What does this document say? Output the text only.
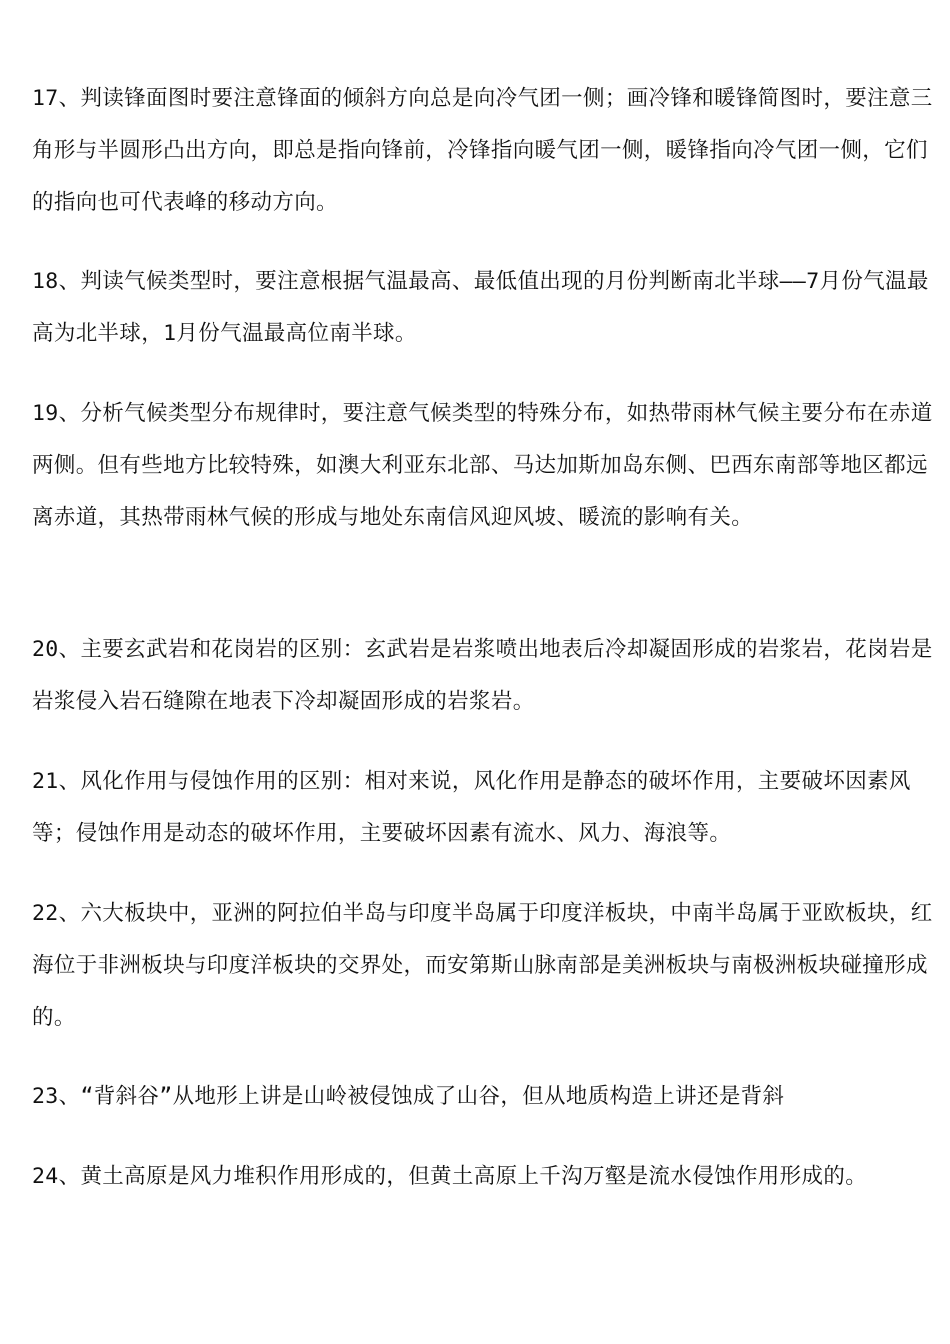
17、判读锋面图时要注意锋面的倾斜方向总是向冷气团一侧；画冷锋和暖锋简图时，要注意三角形与半圆形凸出方向，即总是指向锋前，冷锋指向暖气团一侧，暖锋指向冷气团一侧，它们的指向也可代表峰的移动方向。

18、判读气候类型时，要注意根据气温最高、最低值出现的月份判断南北半球——7月份气温最高为北半球，1月份气温最高位南半球。

19、分析气候类型分布规律时，要注意气候类型的特殊分布，如热带雨林气候主要分布在赤道两侧。但有些地方比较特殊，如澳大利亚东北部、马达加斯加岛东侧、巴西东南部等地区都远离赤道，其热带雨林气候的形成与地处东南信风迎风坡、暖流的影响有关。

20、主要玄武岩和花岗岩的区别：玄武岩是岩浆喷出地表后冷却凝固形成的岩浆岩，花岗岩是岩浆侵入岩石缝隙在地表下冷却凝固形成的岩浆岩。

21、风化作用与侵蚀作用的区别：相对来说，风化作用是静态的破坏作用，主要破坏因素风等；侵蚀作用是动态的破坏作用，主要破坏因素有流水、风力、海浪等。

22、六大板块中，亚洲的阿拉伯半岛与印度半岛属于印度洋板块，中南半岛属于亚欧板块，红海位于非洲板块与印度洋板块的交界处，而安第斯山脉南部是美洲板块与南极洲板块碰撞形成的。

23、“背斜谷”从地形上讲是山岭被侵蚀成了山谷，但从地质构造上讲还是背斜

24、黄土高原是风力堆积作用形成的，但黄土高原上千沟万壑是流水侵蚀作用形成的。
